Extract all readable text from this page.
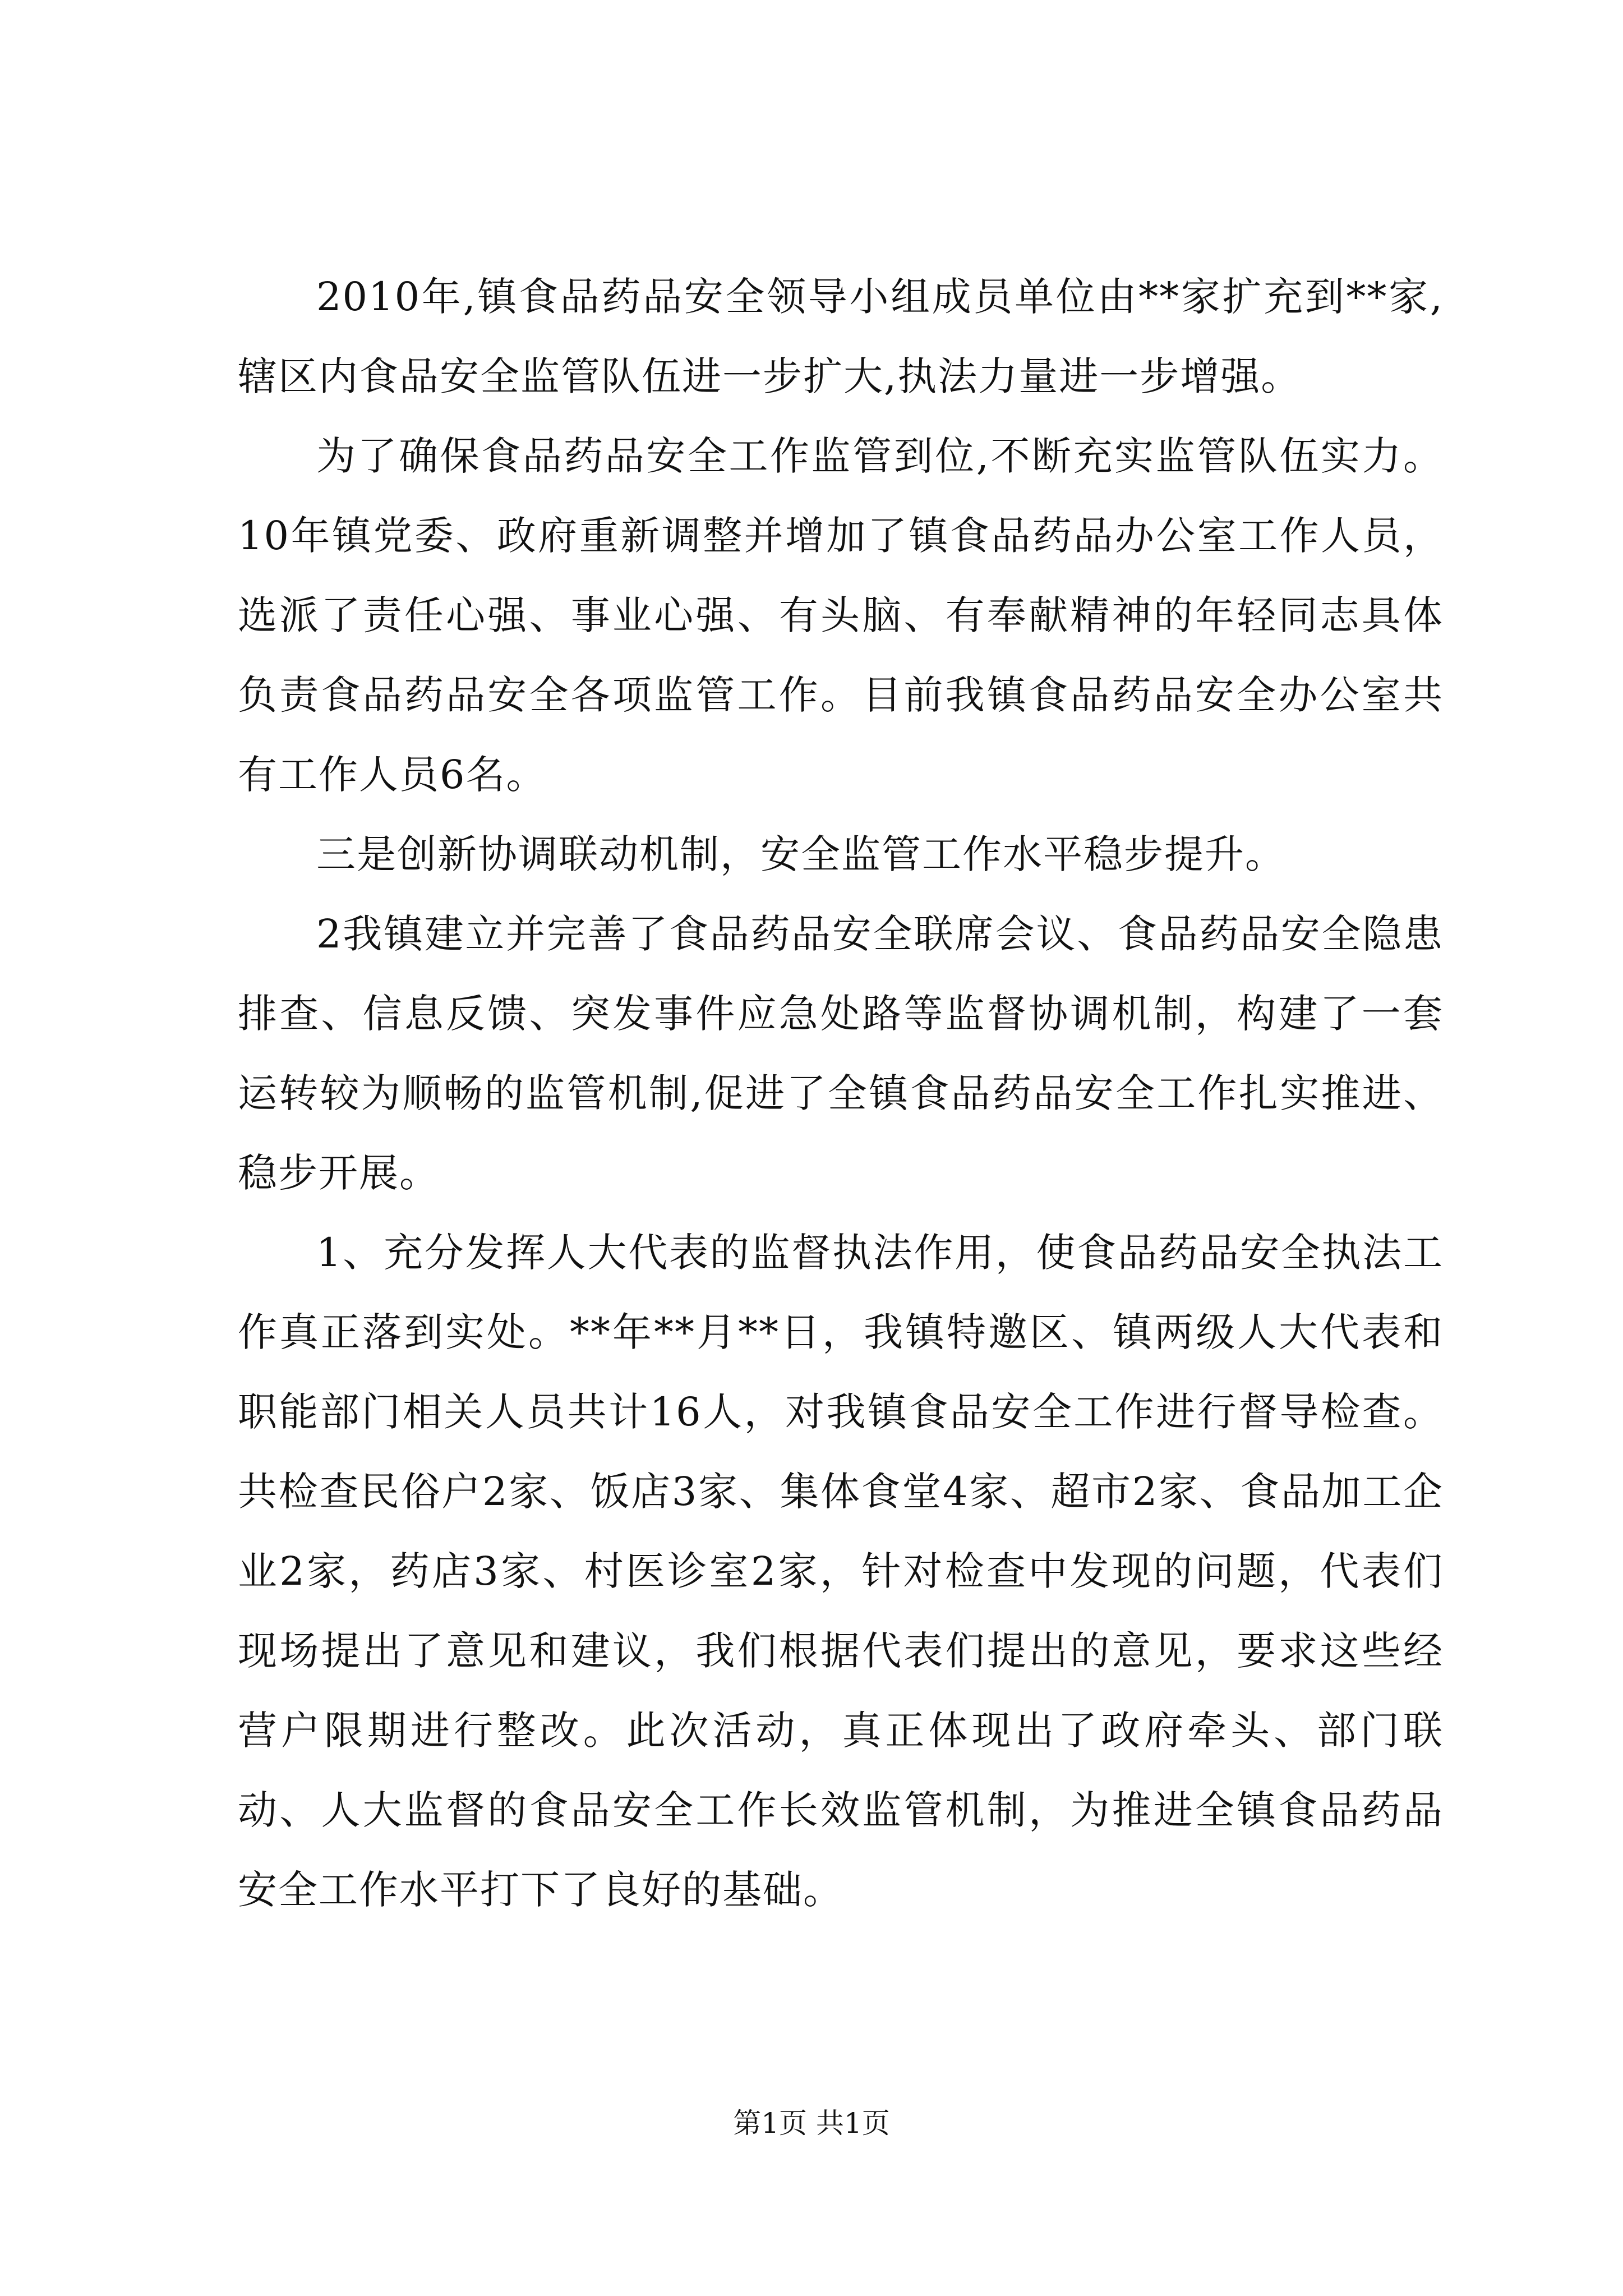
2010年,镇食品药品安全领导小组成员单位由**家扩充到**家,辖区内食品安全监管队伍进一步扩大,执法力量进一步增强。

为了确保食品药品安全工作监管到位,不断充实监管队伍实力。10年镇党委、政府重新调整并增加了镇食品药品办公室工作人员，选派了责任心强、事业心强、有头脑、有奉献精神的年轻同志具体负责食品药品安全各项监管工作。目前我镇食品药品安全办公室共有工作人员6名。

三是创新协调联动机制，安全监管工作水平稳步提升。

2我镇建立并完善了食品药品安全联席会议、食品药品安全隐患排查、信息反馈、突发事件应急处路等监督协调机制，构建了一套运转较为顺畅的监管机制,促进了全镇食品药品安全工作扎实推进、稳步开展。

1、充分发挥人大代表的监督执法作用，使食品药品安全执法工作真正落到实处。**年**月**日，我镇特邀区、镇两级人大代表和职能部门相关人员共计16人，对我镇食品安全工作进行督导检查。共检查民俗户2家、饭店3家、集体食堂4家、超市2家、食品加工企业2家，药店3家、村医诊室2家，针对检查中发现的问题，代表们现场提出了意见和建议，我们根据代表们提出的意见，要求这些经营户限期进行整改。此次活动，真正体现出了政府牵头、部门联动、人大监督的食品安全工作长效监管机制，为推进全镇食品药品安全工作水平打下了良好的基础。

第1页 共1页
